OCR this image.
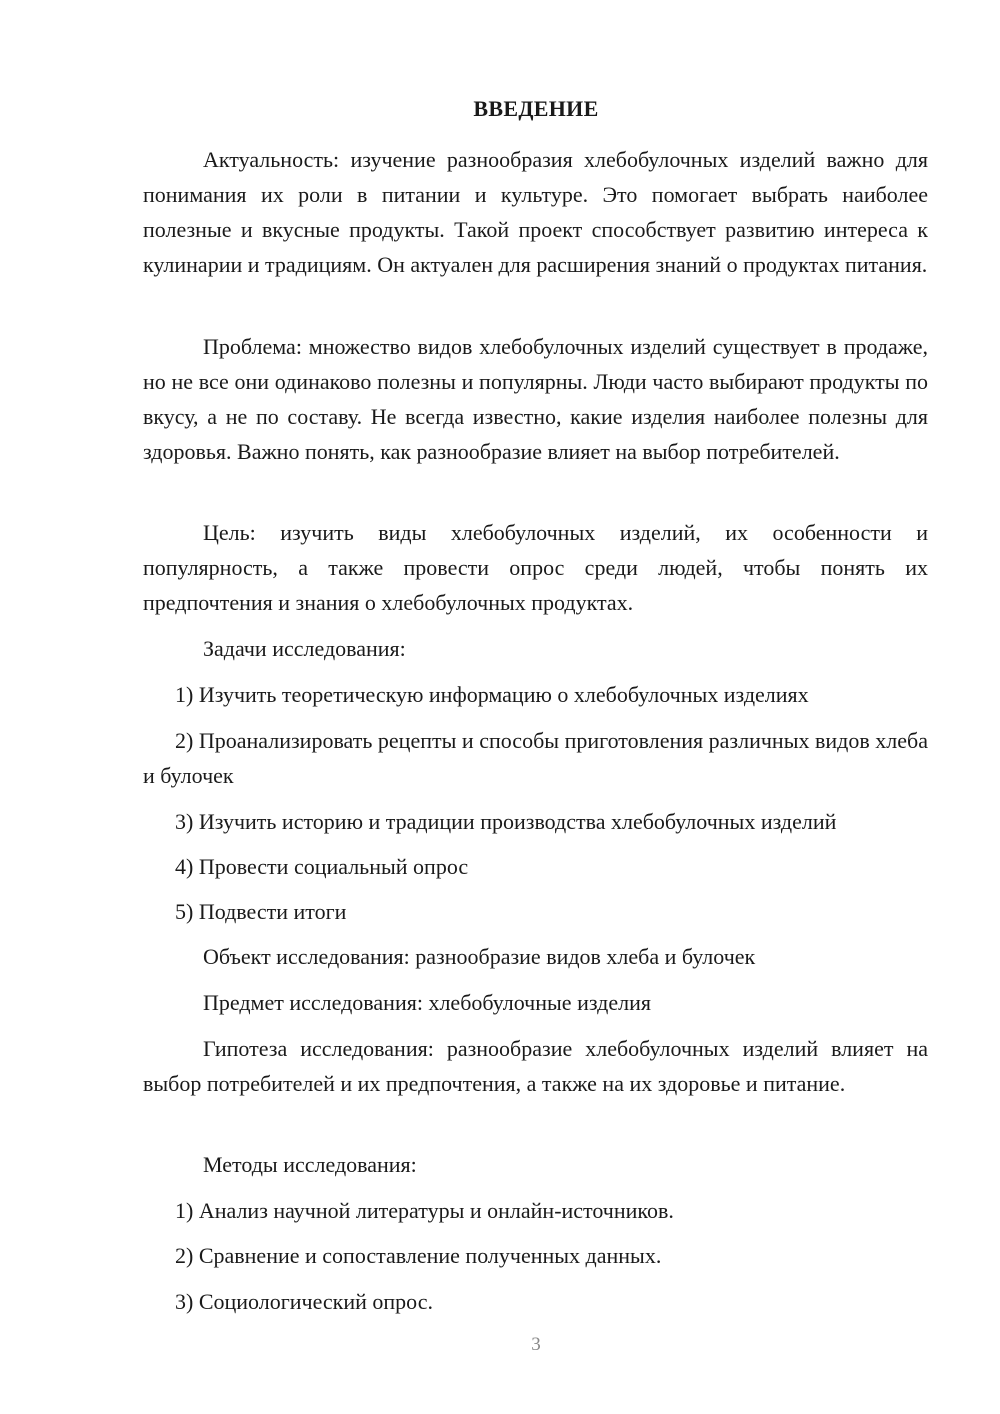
ВВЕДЕНИЕ

Актуальность: изучение разнообразия хлебобулочных изделий важно для понимания их роли в питании и культуре. Это помогает выбрать наиболее полезные и вкусные продукты. Такой проект способствует развитию интереса к кулинарии и традициям. Он актуален для расширения знаний о продуктах питания.

Проблема: множество видов хлебобулочных изделий существует в продаже, но не все они одинаково полезны и популярны. Люди часто выбирают продукты по вкусу, а не по составу. Не всегда известно, какие изделия наиболее полезны для здоровья. Важно понять, как разнообразие влияет на выбор потребителей.

Цель: изучить виды хлебобулочных изделий, их особенности и популярность, а также провести опрос среди людей, чтобы понять их предпочтения и знания о хлебобулочных продуктах.

Задачи исследования:

1) Изучить теоретическую информацию о хлебобулочных изделиях

2) Проанализировать рецепты и способы приготовления различных видов хлеба и булочек

3) Изучить историю и традиции производства хлебобулочных изделий

4) Провести социальный опрос

5) Подвести итоги

Объект исследования: разнообразие видов хлеба и булочек

Предмет исследования: хлебобулочные изделия

Гипотеза исследования: разнообразие хлебобулочных изделий влияет на выбор потребителей и их предпочтения, а также на их здоровье и питание.

Методы исследования:

1) Анализ научной литературы и онлайн-источников.

2) Сравнение и сопоставление полученных данных.

3) Социологический опрос.

3
